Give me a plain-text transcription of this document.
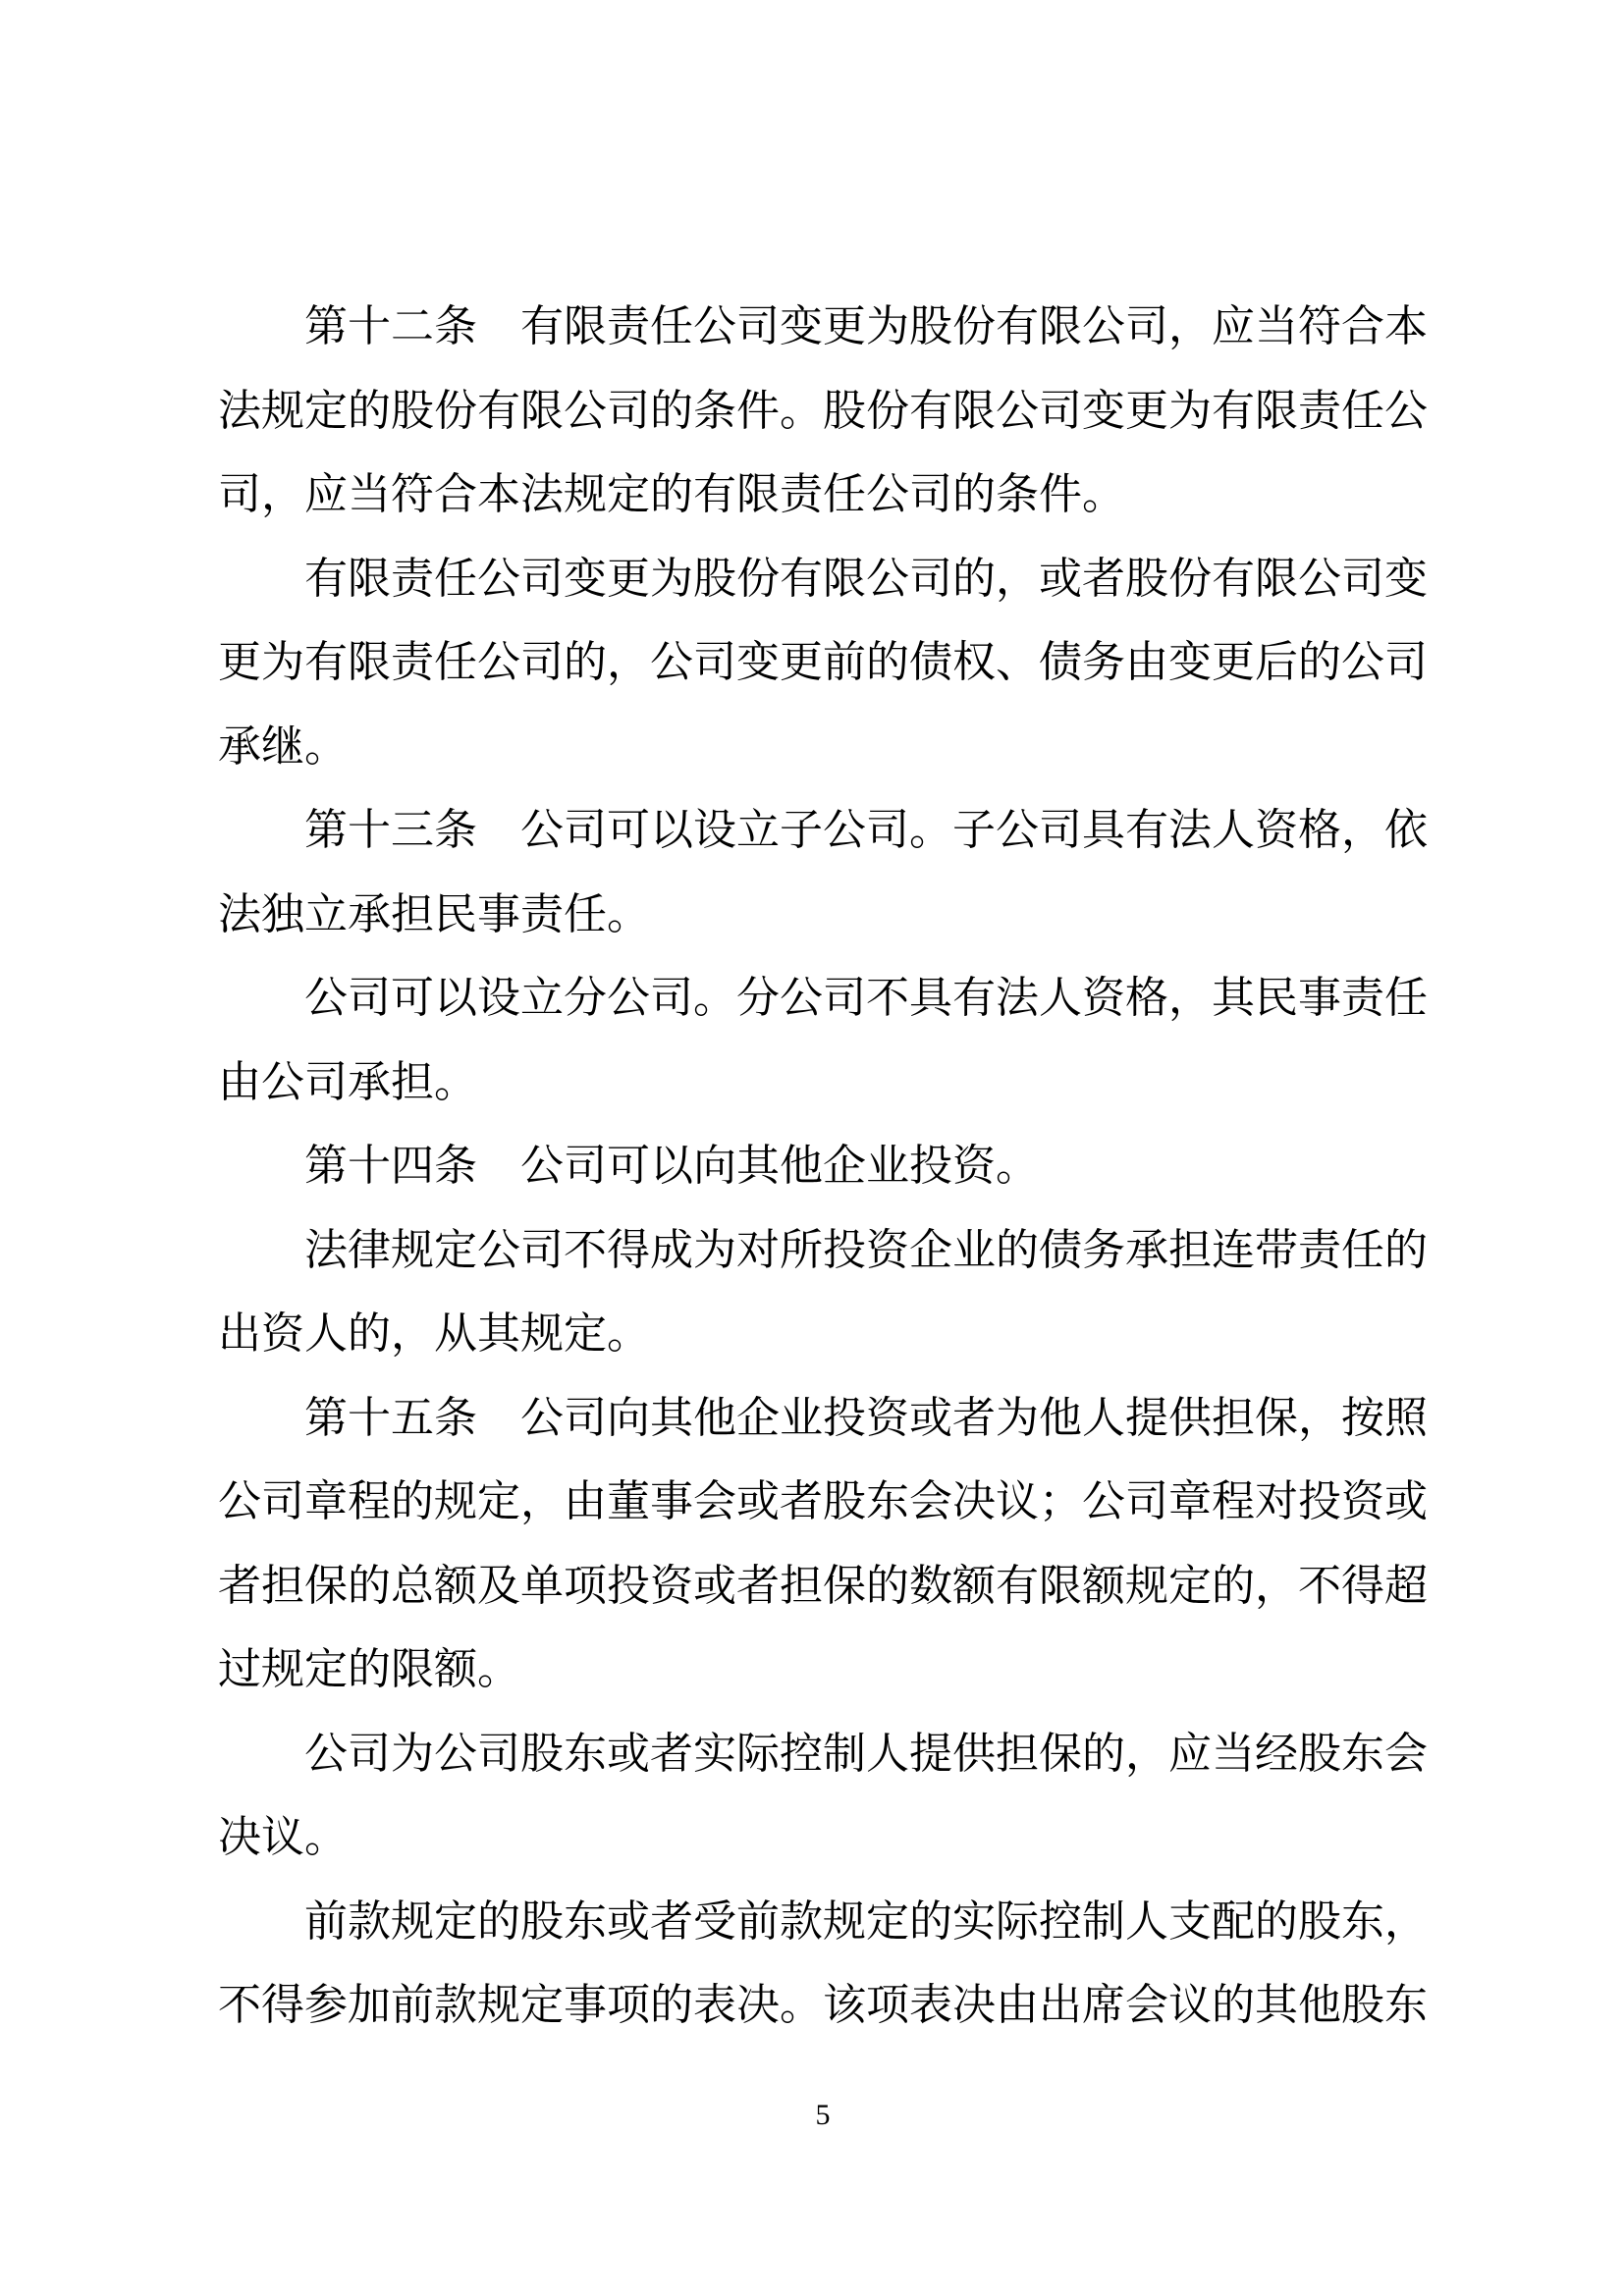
第十二条　有限责任公司变更为股份有限公司，应当符合本法规定的股份有限公司的条件。股份有限公司变更为有限责任公司，应当符合本法规定的有限责任公司的条件。

有限责任公司变更为股份有限公司的，或者股份有限公司变更为有限责任公司的，公司变更前的债权、债务由变更后的公司承继。

第十三条　公司可以设立子公司。子公司具有法人资格，依法独立承担民事责任。

公司可以设立分公司。分公司不具有法人资格，其民事责任由公司承担。

第十四条　公司可以向其他企业投资。

法律规定公司不得成为对所投资企业的债务承担连带责任的出资人的，从其规定。

第十五条　公司向其他企业投资或者为他人提供担保，按照公司章程的规定，由董事会或者股东会决议；公司章程对投资或者担保的总额及单项投资或者担保的数额有限额规定的，不得超过规定的限额。

公司为公司股东或者实际控制人提供担保的，应当经股东会决议。

前款规定的股东或者受前款规定的实际控制人支配的股东，不得参加前款规定事项的表决。该项表决由出席会议的其他股东

5
